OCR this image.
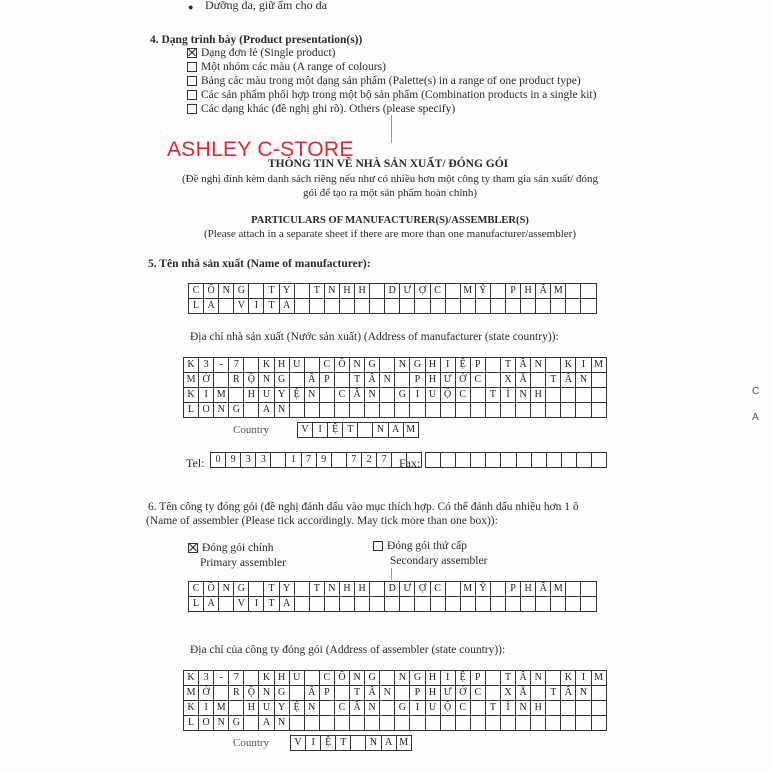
● Dưỡng da, giữ ẩm cho da
4. Dạng trình bày (Product presentation(s))
Dạng đơn lẻ (Single product)
Một nhóm các màu (A range of colours)
Bảng các màu trong một dạng sản phẩm (Palette(s) in a range of one product type)
Các sản phẩm phối hợp trong một bộ sản phẩm (Combination products in a single kit)
Các dạng khác (đề nghị ghi rõ). Others (please specify)
ASHLEY C-STORE
THÔNG TIN VỀ NHÀ SẢN XUẤT/ ĐÓNG GÓI
(Đề nghị đính kèm danh sách riêng nếu như có nhiều hơn một công ty tham gia sản xuất/ đóng
gói để tạo ra một sản phẩm hoàn chỉnh)
PARTICULARS OF MANUFACTURER(S)/ASSEMBLER(S)
(Please attach in a separate sheet if there are more than one manufacturer/assembler)
5. Tên nhà sản xuất (Name of manufacturer):
C	Ô	N	G		T	Y		T	N	H	H		D	Ư	Ợ	C		M	Ỹ		P	H	Ẩ	M		
L	A		V	I	T	A																				
Địa chỉ nhà sản xuất (Nước sản xuất) (Address of manufacturer (state country)):
K	3	-	7		K	H	U		C	Ô	N	G		N	G	H	I	Ệ	P		T	Â	N		K	I	M
M	Ở		R	Ộ	N	G		Ấ	P		T	Â	N		P	H	Ư	Ớ	C		X	Ã		T	Â	N	
K	I	M		H	U	Y	Ệ	N		C	Ầ	N		G	I	U	Ộ	C		T	Ỉ	N	H				
L	O	N	G		A	N																					
Country	V	I	Ệ	T		N	A	M
Tel: 0	9	3	3		1	7	9		7	2	7		Fax:

6. Tên công ty đóng gói (đề nghị đánh dấu vào mục thích hợp. Có thể đánh dấu nhiều hơn 1 ô
(Name of assembler (Please tick accordingly. May tick more than one box)):
Đóng gói chính
Primary assembler
Đóng gói thứ cấp
Secondary assembler
C	Ô	N	G		T	Y		T	N	H	H		D	Ư	Ợ	C		M	Ỹ		P	H	Ẩ	M		
L	A		V	I	T	A																				
Địa chỉ của công ty đóng gói (Address of assembler (state country)):
K	3	-	7		K	H	U		C	Ô	N	G		N	G	H	I	Ệ	P		T	Â	N		K	I	M
M	Ở		R	Ộ	N	G		Ấ	P		T	Â	N		P	H	Ư	Ớ	C		X	Ã		T	Â	N	
K	I	M		H	U	Y	Ệ	N		C	Ầ	N		G	I	U	Ộ	C		T	Ỉ	N	H				
L	O	N	G		A	N																					
Country	V	I	Ệ	T		N	A	M
C
A
